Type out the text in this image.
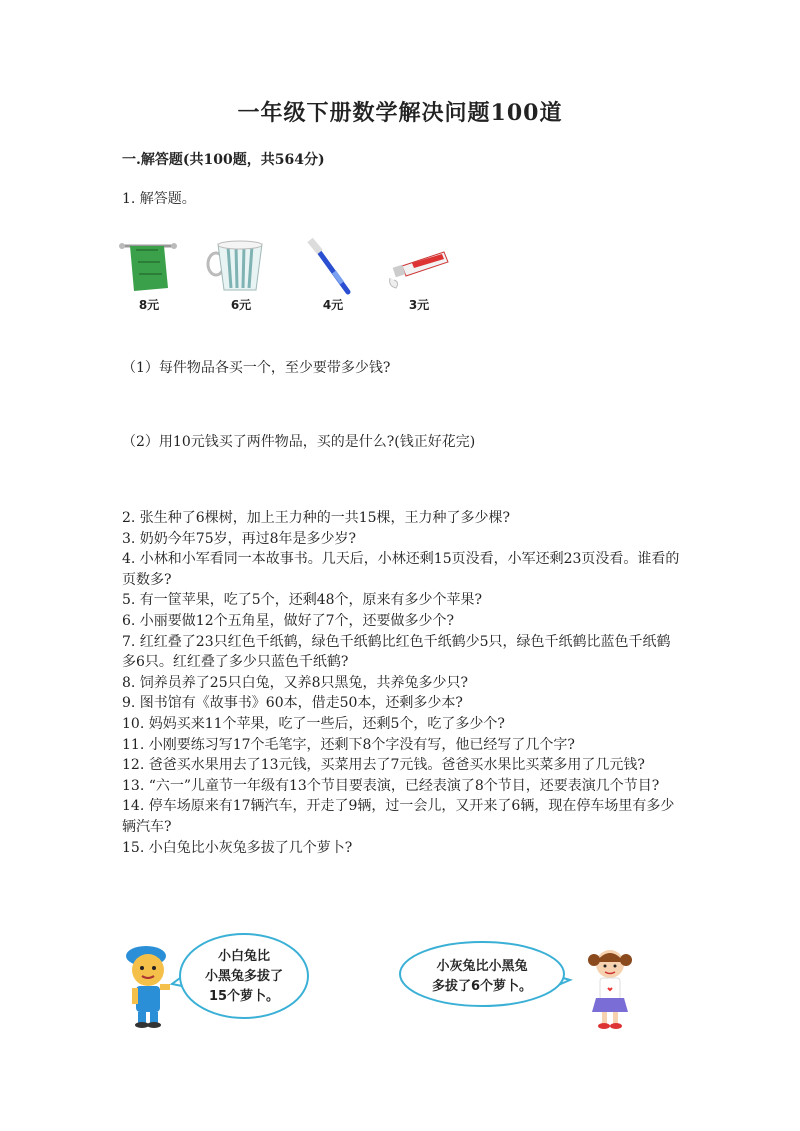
一年级下册数学解决问题100道
一.解答题(共100题，共564分)
1. 解答题。
8元	6元	4元	3元
（1）每件物品各买一个，至少要带多少钱?
（2）用10元钱买了两件物品，买的是什么?(钱正好花完)
2. 张生种了6棵树，加上王力种的一共15棵，王力种了多少棵?
3. 奶奶今年75岁，再过8年是多少岁?
4. 小林和小军看同一本故事书。几天后，小林还剩15页没看，小军还剩23页没看。谁看的页数多?
5. 有一筐苹果，吃了5个，还剩48个，原来有多少个苹果?
6. 小丽要做12个五角星，做好了7个，还要做多少个?
7. 红红叠了23只红色千纸鹤，绿色千纸鹤比红色千纸鹤少5只，绿色千纸鹤比蓝色千纸鹤多6只。红红叠了多少只蓝色千纸鹤?
8. 饲养员养了25只白兔，又养8只黑兔，共养兔多少只?
9. 图书馆有《故事书》60本，借走50本，还剩多少本?
10. 妈妈买来11个苹果，吃了一些后，还剩5个，吃了多少个?
11. 小刚要练习写17个毛笔字，还剩下8个字没有写，他已经写了几个字?
12. 爸爸买水果用去了13元钱，买菜用去了7元钱。爸爸买水果比买菜多用了几元钱?
13. “六一”儿童节一年级有13个节目要表演，已经表演了8个节目，还要表演几个节目?
14. 停车场原来有17辆汽车，开走了9辆，过一会儿，又开来了6辆，现在停车场里有多少辆汽车?
15. 小白兔比小灰兔多拔了几个萝卜?
小白兔比
小黑兔多拔了
15个萝卜。
小灰兔比小黑兔
多拔了6个萝卜。
